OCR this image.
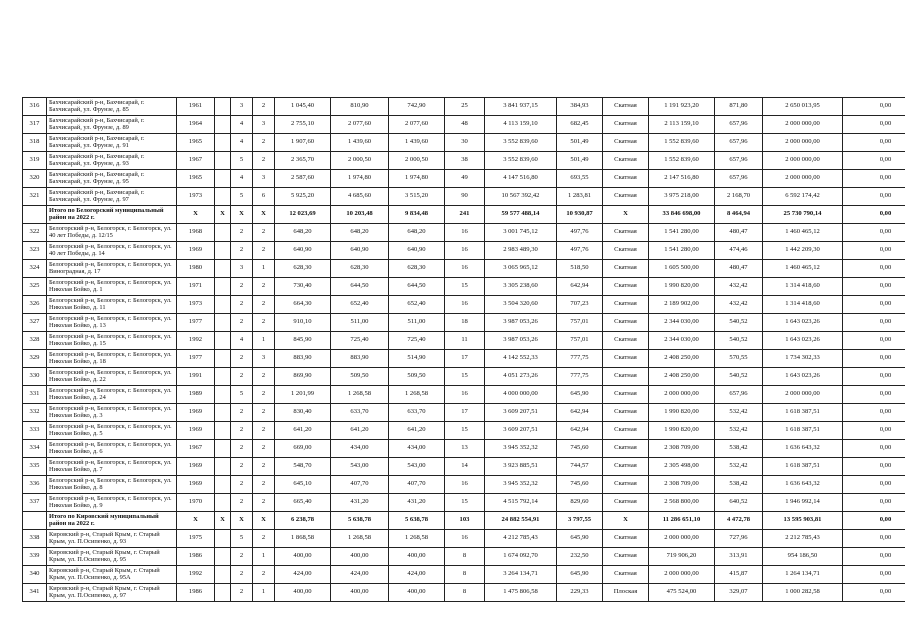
316	Бахчисарайский р-н, Бахчисарай, г. Бахчисарай, ул. Фрунзе, д. 85	1961		3	2	1 045,40	810,90	742,90	25	3 841 937,15	384,93	Скатная	1 191 923,20	871,80	2 650 013,95	0,00
317	Бахчисарайский р-н, Бахчисарай, г. Бахчисарай, ул. Фрунзе, д. 89	1964		4	3	2 755,10	2 077,60	2 077,60	48	4 113 159,10	682,45	Скатная	2 113 159,10	657,96	2 000 000,00	0,00
318	Бахчисарайский р-н, Бахчисарай, г. Бахчисарай, ул. Фрунзе, д. 91	1965		4	2	1 907,60	1 439,60	1 439,60	30	3 552 839,60	501,49	Скатная	1 552 839,60	657,96	2 000 000,00	0,00
319	Бахчисарайский р-н, Бахчисарай, г. Бахчисарай, ул. Фрунзе, д. 93	1967		5	2	2 365,70	2 000,50	2 000,50	38	3 552 839,60	501,49	Скатная	1 552 839,60	657,96	2 000 000,00	0,00
320	Бахчисарайский р-н, Бахчисарай, г. Бахчисарай, ул. Фрунзе, д. 95	1965		4	3	2 587,60	1 974,80	1 974,80	49	4 147 516,80	693,55	Скатная	2 147 516,80	657,96	2 000 000,00	0,00
321	Бахчисарайский р-н, Бахчисарай, г. Бахчисарай, ул. Фрунзе, д. 97	1973		5	6	5 925,20	4 685,60	3 515,20	90	10 567 392,42	1 283,81	Скатная	3 975 218,00	2 168,70	6 592 174,42	0,00
	Итого по Белогорский муниципальный район на 2022 г.	X	X	X	X	12 023,69	10 203,48	9 834,48	241	59 577 488,14	10 930,87	X	33 846 698,00	8 464,94	25 730 790,14	0,00
322	Белогорский р-н, Белогорск, г. Белогорск, ул. 40 лет Победы, д. 12/15	1968		2	2	648,20	648,20	648,20	16	3 001 745,12	497,76	Скатная	1 541 280,00	480,47	1 460 465,12	0,00
323	Белогорский р-н, Белогорск, г. Белогорск, ул. 40 лет Победы, д. 14	1969		2	2	640,90	640,90	640,90	16	2 983 489,30	497,76	Скатная	1 541 280,00	474,46	1 442 209,30	0,00
324	Белогорский р-н, Белогорск, г. Белогорск, ул. Виноградная, д. 17	1980		3	1	628,30	628,30	628,30	16	3 065 965,12	518,50	Скатная	1 605 500,00	480,47	1 460 465,12	0,00
325	Белогорский р-н, Белогорск, г. Белогорск, ул. Николая Бойко, д. 1	1971		2	2	730,40	644,50	644,50	15	3 305 238,60	642,94	Скатная	1 990 820,00	432,42	1 314 418,60	0,00
326	Белогорский р-н, Белогорск, г. Белогорск, ул. Николая Бойко, д. 11	1973		2	2	664,30	652,40	652,40	16	3 504 320,60	707,23	Скатная	2 189 902,00	432,42	1 314 418,60	0,00
327	Белогорский р-н, Белогорск, г. Белогорск, ул. Николая Бойко, д. 13	1977		2	2	910,10	511,00	511,00	18	3 987 053,26	757,01	Скатная	2 344 030,00	540,52	1 643 023,26	0,00
328	Белогорский р-н, Белогорск, г. Белогорск, ул. Николая Бойко, д. 15	1992		4	1	845,90	725,40	725,40	11	3 987 053,26	757,01	Скатная	2 344 030,00	540,52	1 643 023,26	0,00
329	Белогорский р-н, Белогорск, г. Белогорск, ул. Николая Бойко, д. 18	1977		2	3	883,90	883,90	514,90	17	4 142 552,33	777,75	Скатная	2 408 250,00	570,55	1 734 302,33	0,00
330	Белогорский р-н, Белогорск, г. Белогорск, ул. Николая Бойко, д. 22	1991		2	2	869,90	509,50	509,50	15	4 051 273,26	777,75	Скатная	2 408 250,00	540,52	1 643 023,26	0,00
331	Белогорский р-н, Белогорск, г. Белогорск, ул. Николая Бойко, д. 24	1989		5	2	1 201,99	1 268,58	1 268,58	16	4 000 000,00	645,90	Скатная	2 000 000,00	657,96	2 000 000,00	0,00
332	Белогорский р-н, Белогорск, г. Белогорск, ул. Николая Бойко, д. 3	1969		2	2	830,40	633,70	633,70	17	3 609 207,51	642,94	Скатная	1 990 820,00	532,42	1 618 387,51	0,00
333	Белогорский р-н, Белогорск, г. Белогорск, ул. Николая Бойко, д. 5	1969		2	2	641,20	641,20	641,20	15	3 609 207,51	642,94	Скатная	1 990 820,00	532,42	1 618 387,51	0,00
334	Белогорский р-н, Белогорск, г. Белогорск, ул. Николая Бойко, д. 6	1967		2	2	669,00	434,00	434,00	13	3 945 352,32	745,60	Скатная	2 308 709,00	538,42	1 636 643,32	0,00
335	Белогорский р-н, Белогорск, г. Белогорск, ул. Николая Бойко, д. 7	1969		2	2	548,70	543,00	543,00	14	3 923 885,51	744,57	Скатная	2 305 498,00	532,42	1 618 387,51	0,00
336	Белогорский р-н, Белогорск, г. Белогорск, ул. Николая Бойко, д. 8	1969		2	2	645,10	407,70	407,70	16	3 945 352,32	745,60	Скатная	2 308 709,00	538,42	1 636 643,32	0,00
337	Белогорский р-н, Белогорск, г. Белогорск, ул. Николая Бойко, д. 9	1970		2	2	665,40	431,20	431,20	15	4 515 792,14	829,60	Скатная	2 568 800,00	640,52	1 946 992,14	0,00
	Итого по Кировский муниципальный район на 2022 г.	X	X	X	X	6 238,78	5 638,78	5 638,78	103	24 882 554,91	3 797,55	X	11 286 651,10	4 472,78	13 595 903,81	0,00
338	Кировский р-н, Старый Крым, г. Старый Крым, ул. П.Осипенко, д. 93	1975		5	2	1 868,58	1 268,58	1 268,58	16	4 212 785,43	645,90	Скатная	2 000 000,00	727,96	2 212 785,43	0,00
339	Кировский р-н, Старый Крым, г. Старый Крым, ул. П.Осипенко, д. 95	1986		2	1	400,00	400,00	400,00	8	1 674 092,70	232,50	Скатная	719 906,20	313,91	954 186,50	0,00
340	Кировский р-н, Старый Крым, г. Старый Крым, ул. П.Осипенко, д. 95А	1992		2	2	424,00	424,00	424,00	8	3 264 134,71	645,90	Скатная	2 000 000,00	415,87	1 264 134,71	0,00
341	Кировский р-н, Старый Крым, г. Старый Крым, ул. П.Осипенко, д. 97	1986		2	1	400,00	400,00	400,00	8	1 475 806,58	229,33	Плоская	475 524,00	329,07	1 000 282,58	0,00
